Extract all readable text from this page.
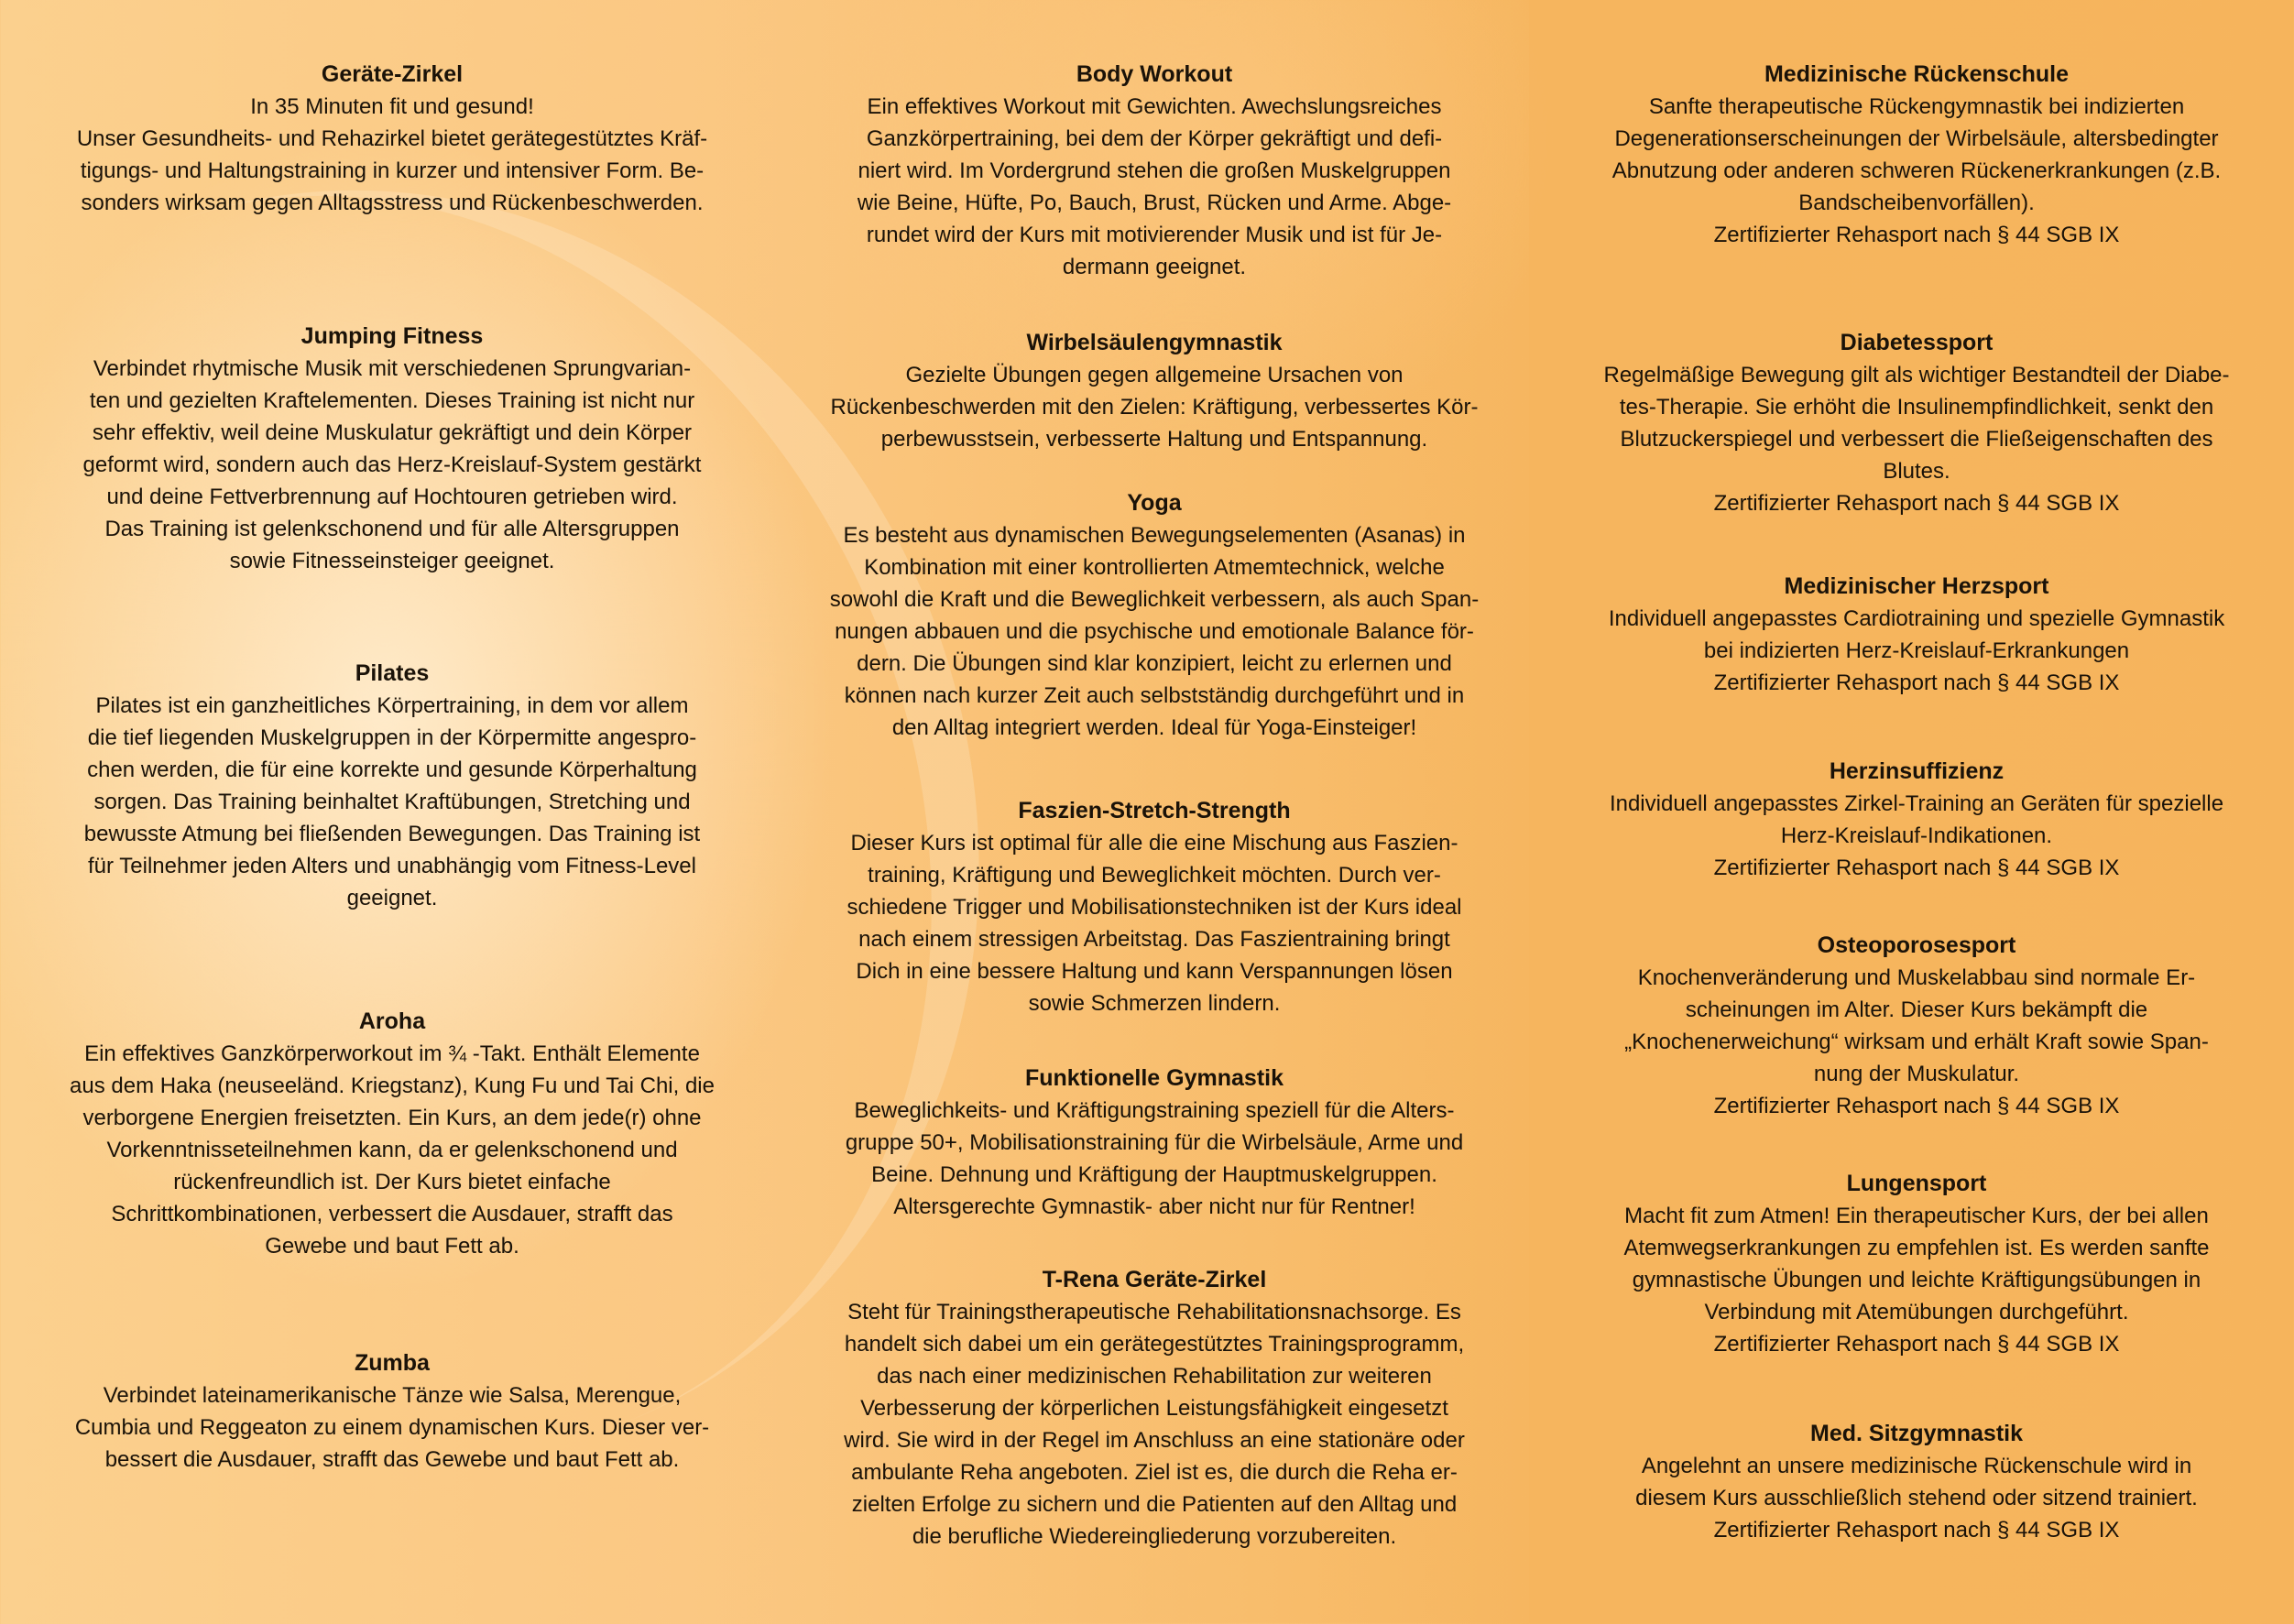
Geräte-Zirkel
In 35 Minuten fit und gesund!
Unser Gesundheits- und Rehazirkel bietet gerätegestütztes Kräf-
tigungs- und Haltungstraining in kurzer und intensiver Form. Be-
sonders wirksam gegen Alltagsstress und Rückenbeschwerden.
Jumping Fitness
Verbindet rhytmische Musik mit verschiedenen Sprungvarian-
ten und gezielten Kraftelementen. Dieses Training ist nicht nur
sehr effektiv, weil deine Muskulatur gekräftigt und dein Körper
geformt wird, sondern auch das Herz-Kreislauf-System gestärkt
und deine Fettverbrennung auf Hochtouren getrieben wird.
Das Training ist gelenkschonend und für alle Altersgruppen
sowie Fitnesseinsteiger geeignet.
Pilates
Pilates ist ein ganzheitliches Körpertraining, in dem vor allem
die tief liegenden Muskelgruppen in der Körpermitte angespro-
chen werden, die für eine korrekte und gesunde Körperhaltung
sorgen. Das Training beinhaltet Kraftübungen, Stretching und
bewusste Atmung bei fließenden Bewegungen. Das Training ist
für Teilnehmer jeden Alters und unabhängig vom Fitness-Level
geeignet.
Aroha
Ein effektives Ganzkörperworkout im ¾ -Takt. Enthält Elemente
aus dem Haka (neuseeländ. Kriegstanz), Kung Fu und Tai Chi, die
verborgene Energien freisetzten. Ein Kurs, an dem jede(r) ohne
Vorkenntnisseteilnehmen kann, da er gelenkschonend und
rückenfreundlich ist. Der Kurs bietet einfache
Schrittkombinationen, verbessert die Ausdauer, strafft das
Gewebe und baut Fett ab.
Zumba
Verbindet lateinamerikanische Tänze wie Salsa, Merengue,
Cumbia und Reggeaton zu einem dynamischen Kurs. Dieser ver-
bessert die Ausdauer, strafft das Gewebe und baut Fett ab.
Body Workout
Ein effektives Workout mit Gewichten. Awechslungsreiches
Ganzkörpertraining, bei dem der Körper gekräftigt und defi-
niert wird. Im Vordergrund stehen die großen Muskelgruppen
wie Beine, Hüfte, Po, Bauch, Brust, Rücken und Arme. Abge-
rundet wird der Kurs mit motivierender Musik und ist für Je-
dermann geeignet.
Wirbelsäulengymnastik
Gezielte Übungen gegen allgemeine Ursachen von
Rückenbeschwerden mit den Zielen: Kräftigung, verbessertes Kör-
perbewusstsein, verbesserte Haltung und Entspannung.
Yoga
Es besteht aus dynamischen Bewegungselementen (Asanas) in
Kombination mit einer kontrollierten Atmemtechnick, welche
sowohl die Kraft und die Beweglichkeit verbessern, als auch Span-
nungen abbauen und die psychische und emotionale Balance för-
dern. Die Übungen sind klar konzipiert, leicht zu erlernen und
können nach kurzer Zeit auch selbstständig durchgeführt und in
den Alltag integriert werden. Ideal für Yoga-Einsteiger!
Faszien-Stretch-Strength
Dieser Kurs ist optimal für alle die eine Mischung aus Faszien-
training, Kräftigung und Beweglichkeit möchten. Durch ver-
schiedene Trigger und Mobilisationstechniken ist der Kurs ideal
nach einem stressigen Arbeitstag. Das Faszientraining bringt
Dich in eine bessere Haltung und kann Verspannungen lösen
sowie Schmerzen lindern.
Funktionelle Gymnastik
Beweglichkeits- und Kräftigungstraining speziell für die Alters-
gruppe 50+, Mobilisationstraining für die Wirbelsäule, Arme und
Beine. Dehnung und Kräftigung der Hauptmuskelgruppen.
Altersgerechte Gymnastik- aber nicht nur für Rentner!
T-Rena Geräte-Zirkel
Steht für Trainingstherapeutische Rehabilitationsnachsorge. Es
handelt sich dabei um ein gerätegestütztes Trainingsprogramm,
das nach einer medizinischen Rehabilitation zur weiteren
Verbesserung der körperlichen Leistungsfähigkeit eingesetzt
wird. Sie wird in der Regel im Anschluss an eine stationäre oder
ambulante Reha angeboten. Ziel ist es, die durch die Reha er-
zielten Erfolge zu sichern und die Patienten auf den Alltag und
die berufliche Wiedereingliederung vorzubereiten.
Medizinische Rückenschule
Sanfte therapeutische Rückengymnastik bei indizierten
Degenerationserscheinungen der Wirbelsäule, altersbedingter
Abnutzung oder anderen schweren Rückenerkrankungen (z.B.
Bandscheibenvorfällen).
Zertifizierter Rehasport nach § 44 SGB IX
Diabetessport
Regelmäßige Bewegung gilt als wichtiger Bestandteil der Diabe-
tes-Therapie. Sie erhöht die Insulinempfindlichkeit, senkt den
Blutzuckerspiegel und verbessert die Fließeigenschaften des
Blutes.
Zertifizierter Rehasport nach § 44 SGB IX
Medizinischer Herzsport
Individuell angepasstes Cardiotraining und spezielle Gymnastik
bei indizierten Herz-Kreislauf-Erkrankungen
Zertifizierter Rehasport nach § 44 SGB IX
Herzinsuffizienz
Individuell angepasstes Zirkel-Training an Geräten für spezielle
Herz-Kreislauf-Indikationen.
Zertifizierter Rehasport nach § 44 SGB IX
Osteoporosesport
Knochenveränderung und Muskelabbau sind normale Er-
scheinungen im Alter. Dieser Kurs bekämpft die
„Knochenerweichung“ wirksam und erhält Kraft sowie Span-
nung der Muskulatur.
Zertifizierter Rehasport nach § 44 SGB IX
Lungensport
Macht fit zum Atmen! Ein therapeutischer Kurs, der bei allen
Atemwegserkrankungen zu empfehlen ist. Es werden sanfte
gymnastische Übungen und leichte Kräftigungsübungen in
Verbindung mit Atemübungen durchgeführt.
Zertifizierter Rehasport nach § 44 SGB IX
Med. Sitzgymnastik
Angelehnt an unsere medizinische Rückenschule wird in
diesem Kurs ausschließlich stehend oder sitzend trainiert.
Zertifizierter Rehasport nach § 44 SGB IX
